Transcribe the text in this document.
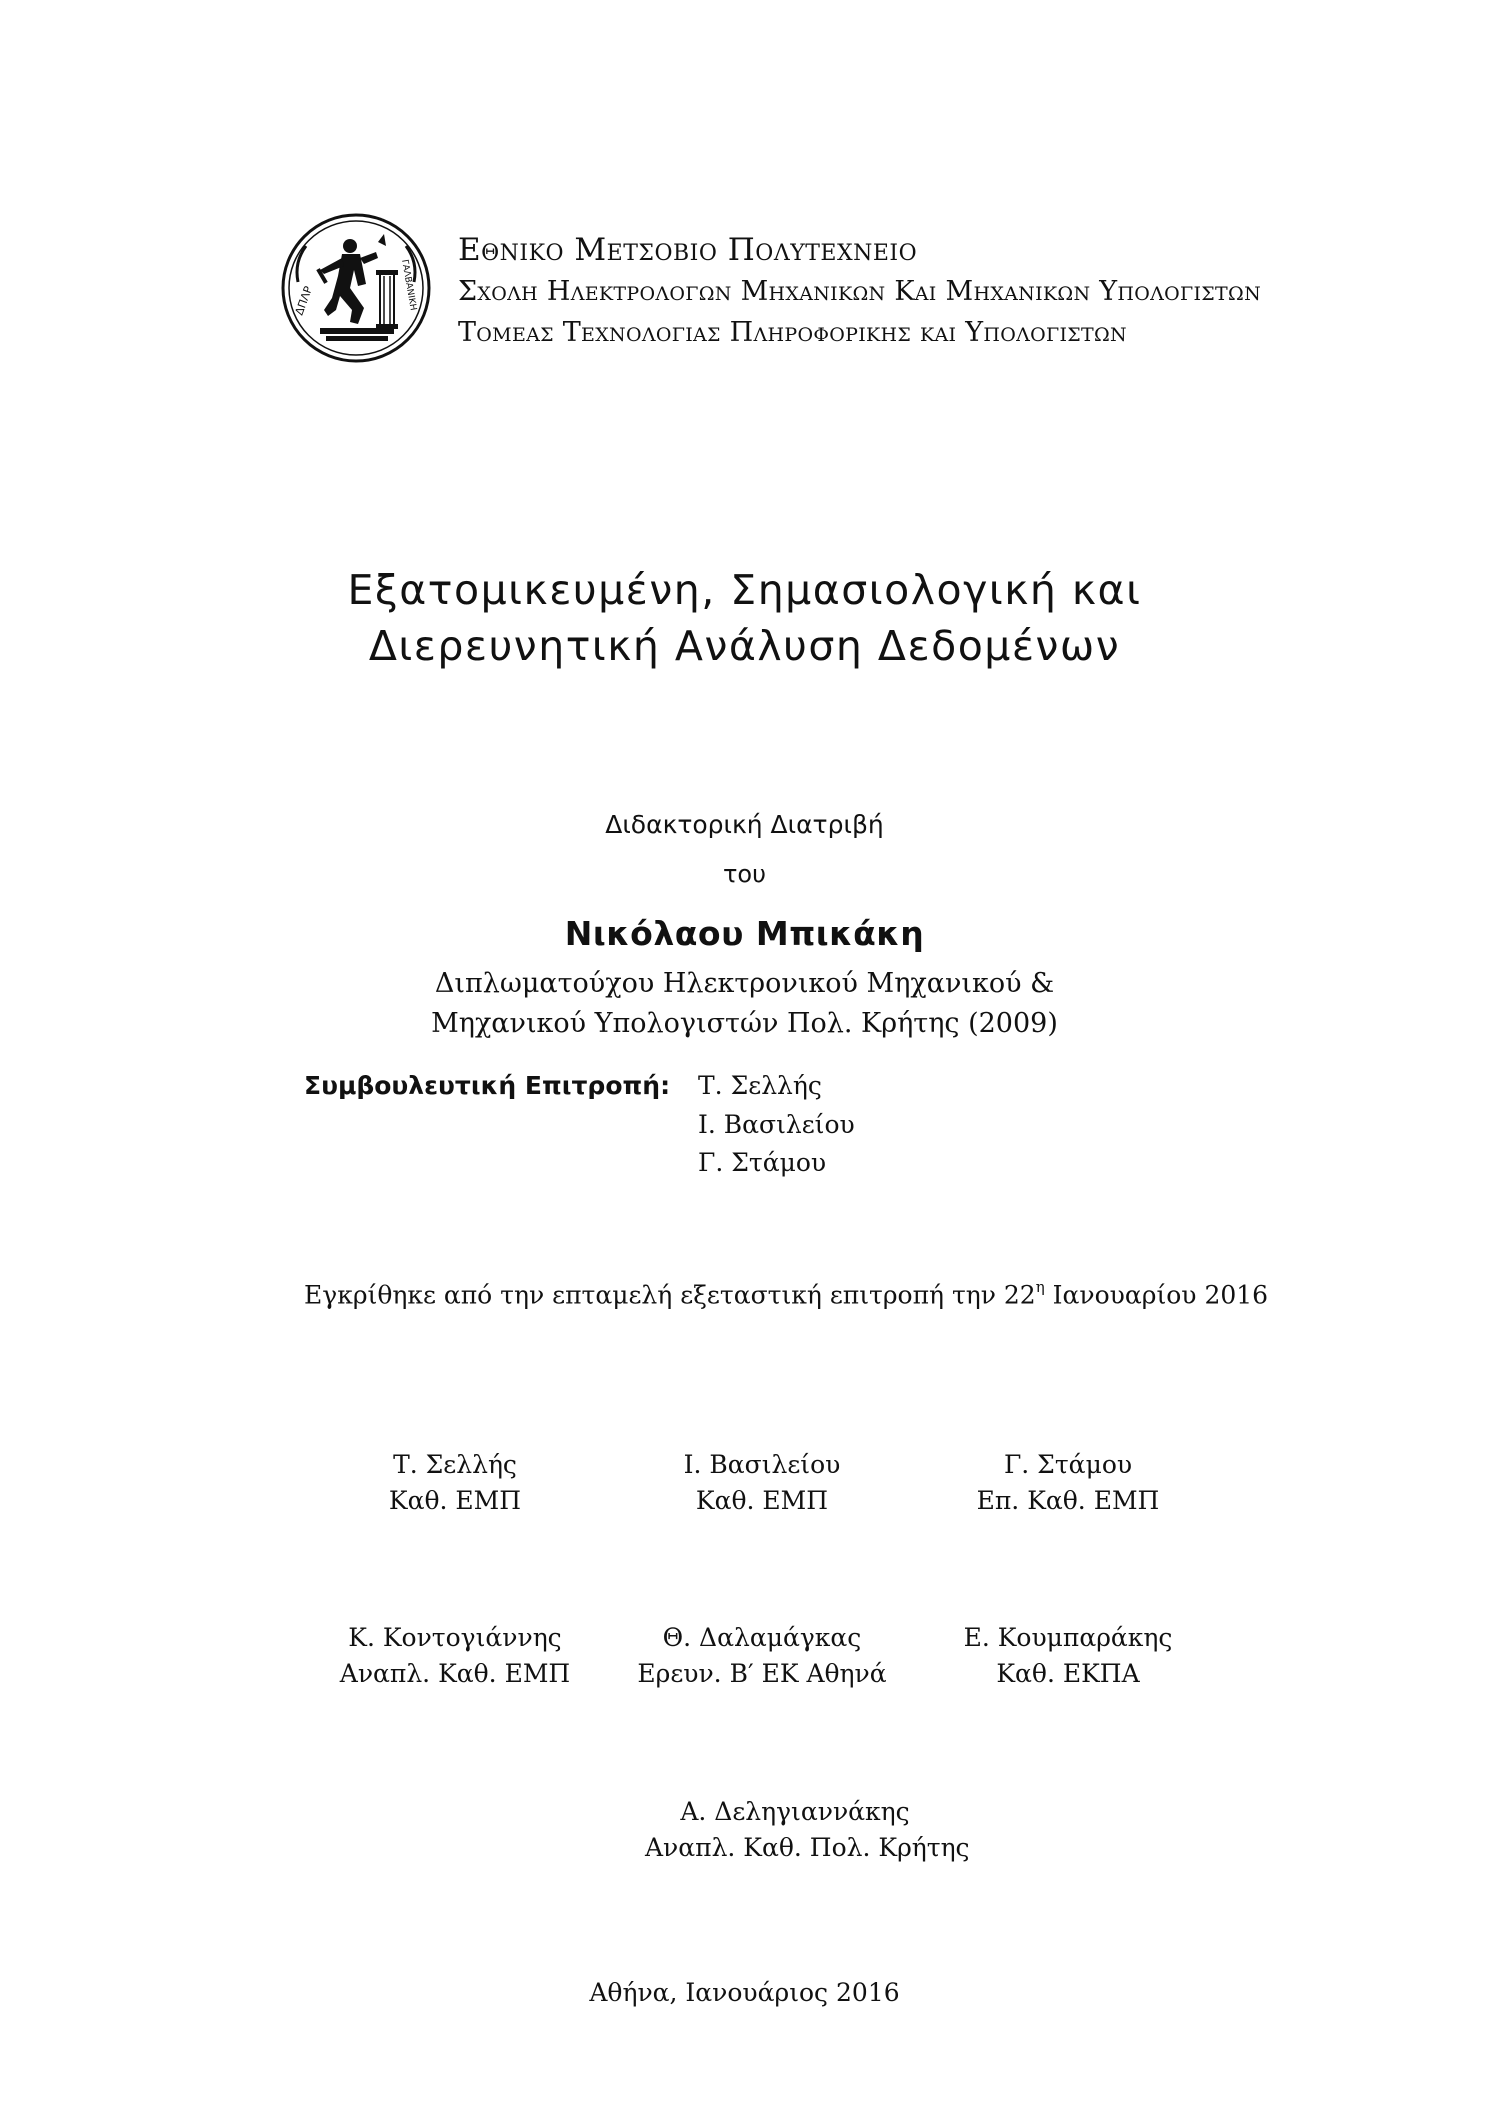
ΔΠΛΡ	ΓΑΛΒΑΝΙΚΗ
Εθνικο Μετσοβιο Πολυτεχνειο
Σχολη Ηλεκτρολογων Μηχανικων Και Μηχανικων Υπολογιστων
Τομεας Τεχνολογιας Πληροφορικης και Υπολογιστων
Εξατομικευμένη, Σημασιολογική και
Διερευνητική Ανάλυση Δεδομένων
Διδακτορική Διατριβή
του
Νικόλαου Μπικάκη
Διπλωματούχου Ηλεκτρονικού Μηχανικού &
Μηχανικού Υπολογιστών Πολ. Κρήτης (2009)
Συμβουλευτική Επιτροπή: Τ. Σελλής
Ι. Βασιλείου
Γ. Στάμου
Εγκρίθηκε από την επταμελή εξεταστική επιτροπή την $22^\eta$ Ιανουαρίου 2016
Τ. Σελλής
Καθ. ΕΜΠ
Ι. Βασιλείου
Καθ. ΕΜΠ
Γ. Στάμου
Επ. Καθ. ΕΜΠ
Κ. Κοντογιάννης
Αναπλ. Καθ. ΕΜΠ
Θ. Δαλαμάγκας
Ερευν. Β′ ΕΚ Αθηνά
Ε. Κουμπαράκης
Καθ. ΕΚΠΑ
Α. Δεληγιαννάκης
Αναπλ. Καθ. Πολ. Κρήτης
Αθήνα, Ιανουάριος 2016
